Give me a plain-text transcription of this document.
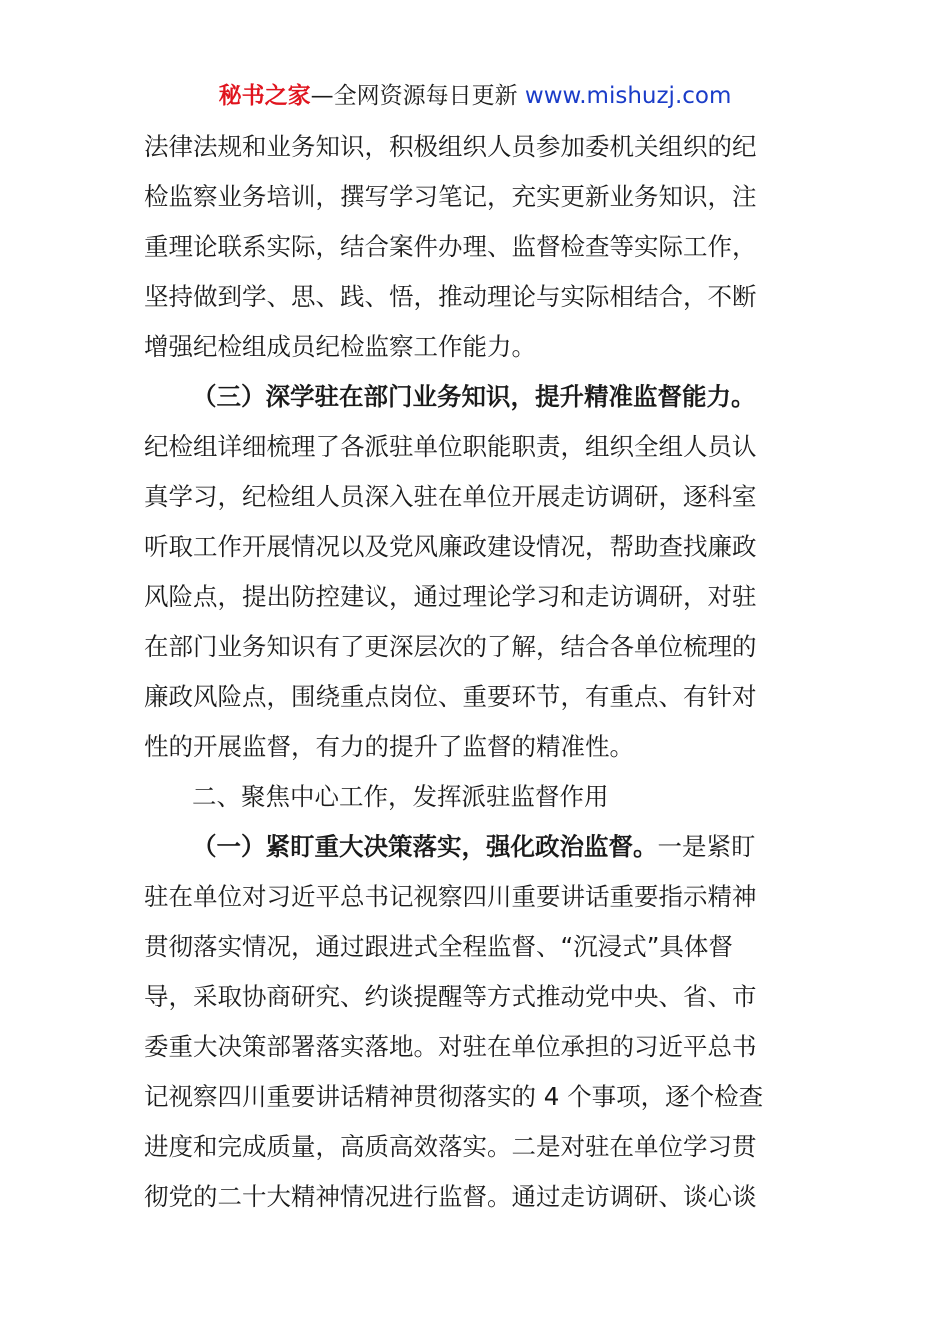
秘书之家—全网资源每日更新 www.mishuzj.com
法律法规和业务知识，积极组织人员参加委机关组织的纪
检监察业务培训，撰写学习笔记，充实更新业务知识，注
重理论联系实际，结合案件办理、监督检查等实际工作，
坚持做到学、思、践、悟，推动理论与实际相结合，不断
增强纪检组成员纪检监察工作能力。
（三）深学驻在部门业务知识，提升精准监督能力。
纪检组详细梳理了各派驻单位职能职责，组织全组人员认
真学习，纪检组人员深入驻在单位开展走访调研，逐科室
听取工作开展情况以及党风廉政建设情况，帮助查找廉政
风险点，提出防控建议，通过理论学习和走访调研，对驻
在部门业务知识有了更深层次的了解，结合各单位梳理的
廉政风险点，围绕重点岗位、重要环节，有重点、有针对
性的开展监督，有力的提升了监督的精准性。
二、聚焦中心工作，发挥派驻监督作用
（一）紧盯重大决策落实，强化政治监督。一是紧盯
驻在单位对习近平总书记视察四川重要讲话重要指示精神
贯彻落实情况，通过跟进式全程监督、“沉浸式”具体督
导，采取协商研究、约谈提醒等方式推动党中央、省、市
委重大决策部署落实落地。对驻在单位承担的习近平总书
记视察四川重要讲话精神贯彻落实的 4 个事项，逐个检查
进度和完成质量，高质高效落实。二是对驻在单位学习贯
彻党的二十大精神情况进行监督。通过走访调研、谈心谈
